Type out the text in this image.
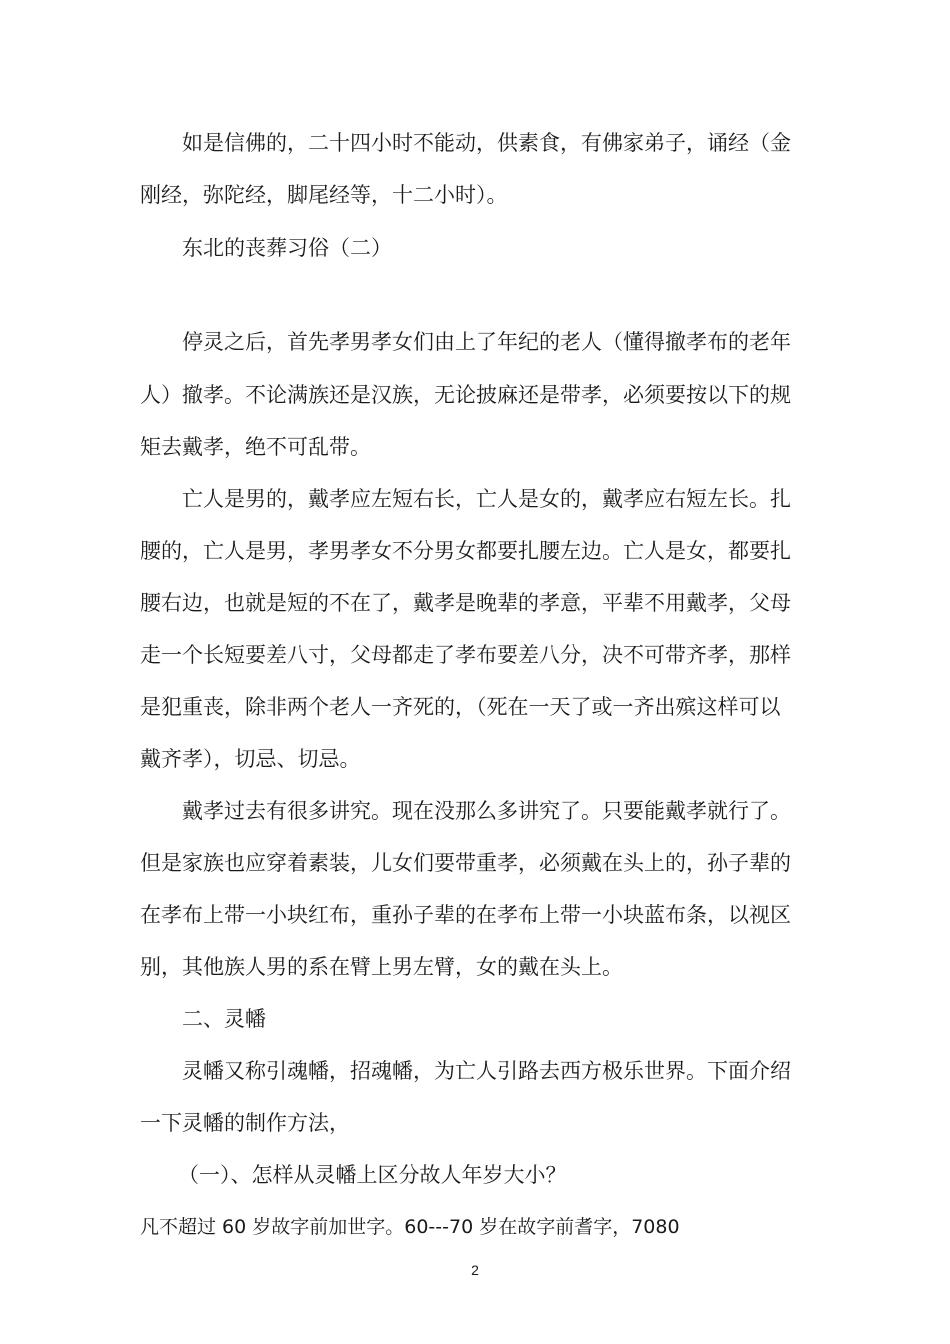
如是信佛的，二十四小时不能动，供素食，有佛家弟子，诵经（金
刚经，弥陀经，脚尾经等，十二小时）。
东北的丧葬习俗（二）
停灵之后，首先孝男孝女们由上了年纪的老人（懂得撤孝布的老年
人）撤孝。不论满族还是汉族，无论披麻还是带孝，必须要按以下的规
矩去戴孝，绝不可乱带。
亡人是男的，戴孝应左短右长，亡人是女的，戴孝应右短左长。扎
腰的，亡人是男，孝男孝女不分男女都要扎腰左边。亡人是女，都要扎
腰右边，也就是短的不在了，戴孝是晚辈的孝意，平辈不用戴孝，父母
走一个长短要差八寸，父母都走了孝布要差八分，决不可带齐孝，那样
是犯重丧，除非两个老人一齐死的，（死在一天了或一齐出殡这样可以
戴齐孝），切忌、切忌。
戴孝过去有很多讲究。现在没那么多讲究了。只要能戴孝就行了。
但是家族也应穿着素装，儿女们要带重孝，必须戴在头上的，孙子辈的
在孝布上带一小块红布，重孙子辈的在孝布上带一小块蓝布条，以视区
别，其他族人男的系在臂上男左臂，女的戴在头上。
二、灵幡
灵幡又称引魂幡，招魂幡，为亡人引路去西方极乐世界。下面介绍
一下灵幡的制作方法，
（一）、怎样从灵幡上区分故人年岁大小？
凡不超过 60 岁故字前加世字。60---70 岁在故字前耆字，7080
2
